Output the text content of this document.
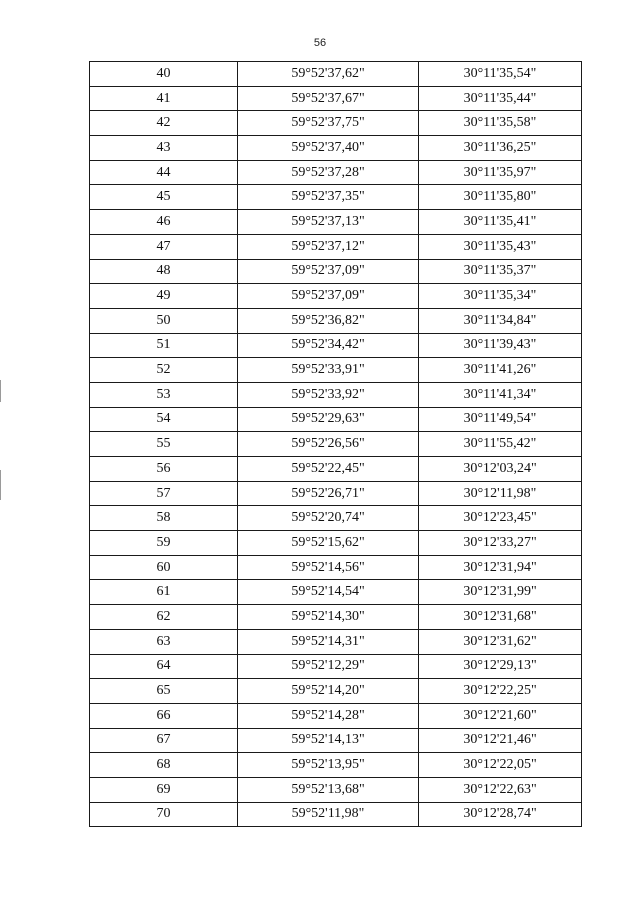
56
40	59°52'37,62"	30°11'35,54"
41	59°52'37,67"	30°11'35,44"
42	59°52'37,75"	30°11'35,58"
43	59°52'37,40"	30°11'36,25"
44	59°52'37,28"	30°11'35,97"
45	59°52'37,35"	30°11'35,80"
46	59°52'37,13"	30°11'35,41"
47	59°52'37,12"	30°11'35,43"
48	59°52'37,09"	30°11'35,37"
49	59°52'37,09"	30°11'35,34"
50	59°52'36,82"	30°11'34,84"
51	59°52'34,42"	30°11'39,43"
52	59°52'33,91"	30°11'41,26"
53	59°52'33,92"	30°11'41,34"
54	59°52'29,63"	30°11'49,54"
55	59°52'26,56"	30°11'55,42"
56	59°52'22,45"	30°12'03,24"
57	59°52'26,71"	30°12'11,98"
58	59°52'20,74"	30°12'23,45"
59	59°52'15,62"	30°12'33,27"
60	59°52'14,56"	30°12'31,94"
61	59°52'14,54"	30°12'31,99"
62	59°52'14,30"	30°12'31,68"
63	59°52'14,31"	30°12'31,62"
64	59°52'12,29"	30°12'29,13"
65	59°52'14,20"	30°12'22,25"
66	59°52'14,28"	30°12'21,60"
67	59°52'14,13"	30°12'21,46"
68	59°52'13,95"	30°12'22,05"
69	59°52'13,68"	30°12'22,63"
70	59°52'11,98"	30°12'28,74"
